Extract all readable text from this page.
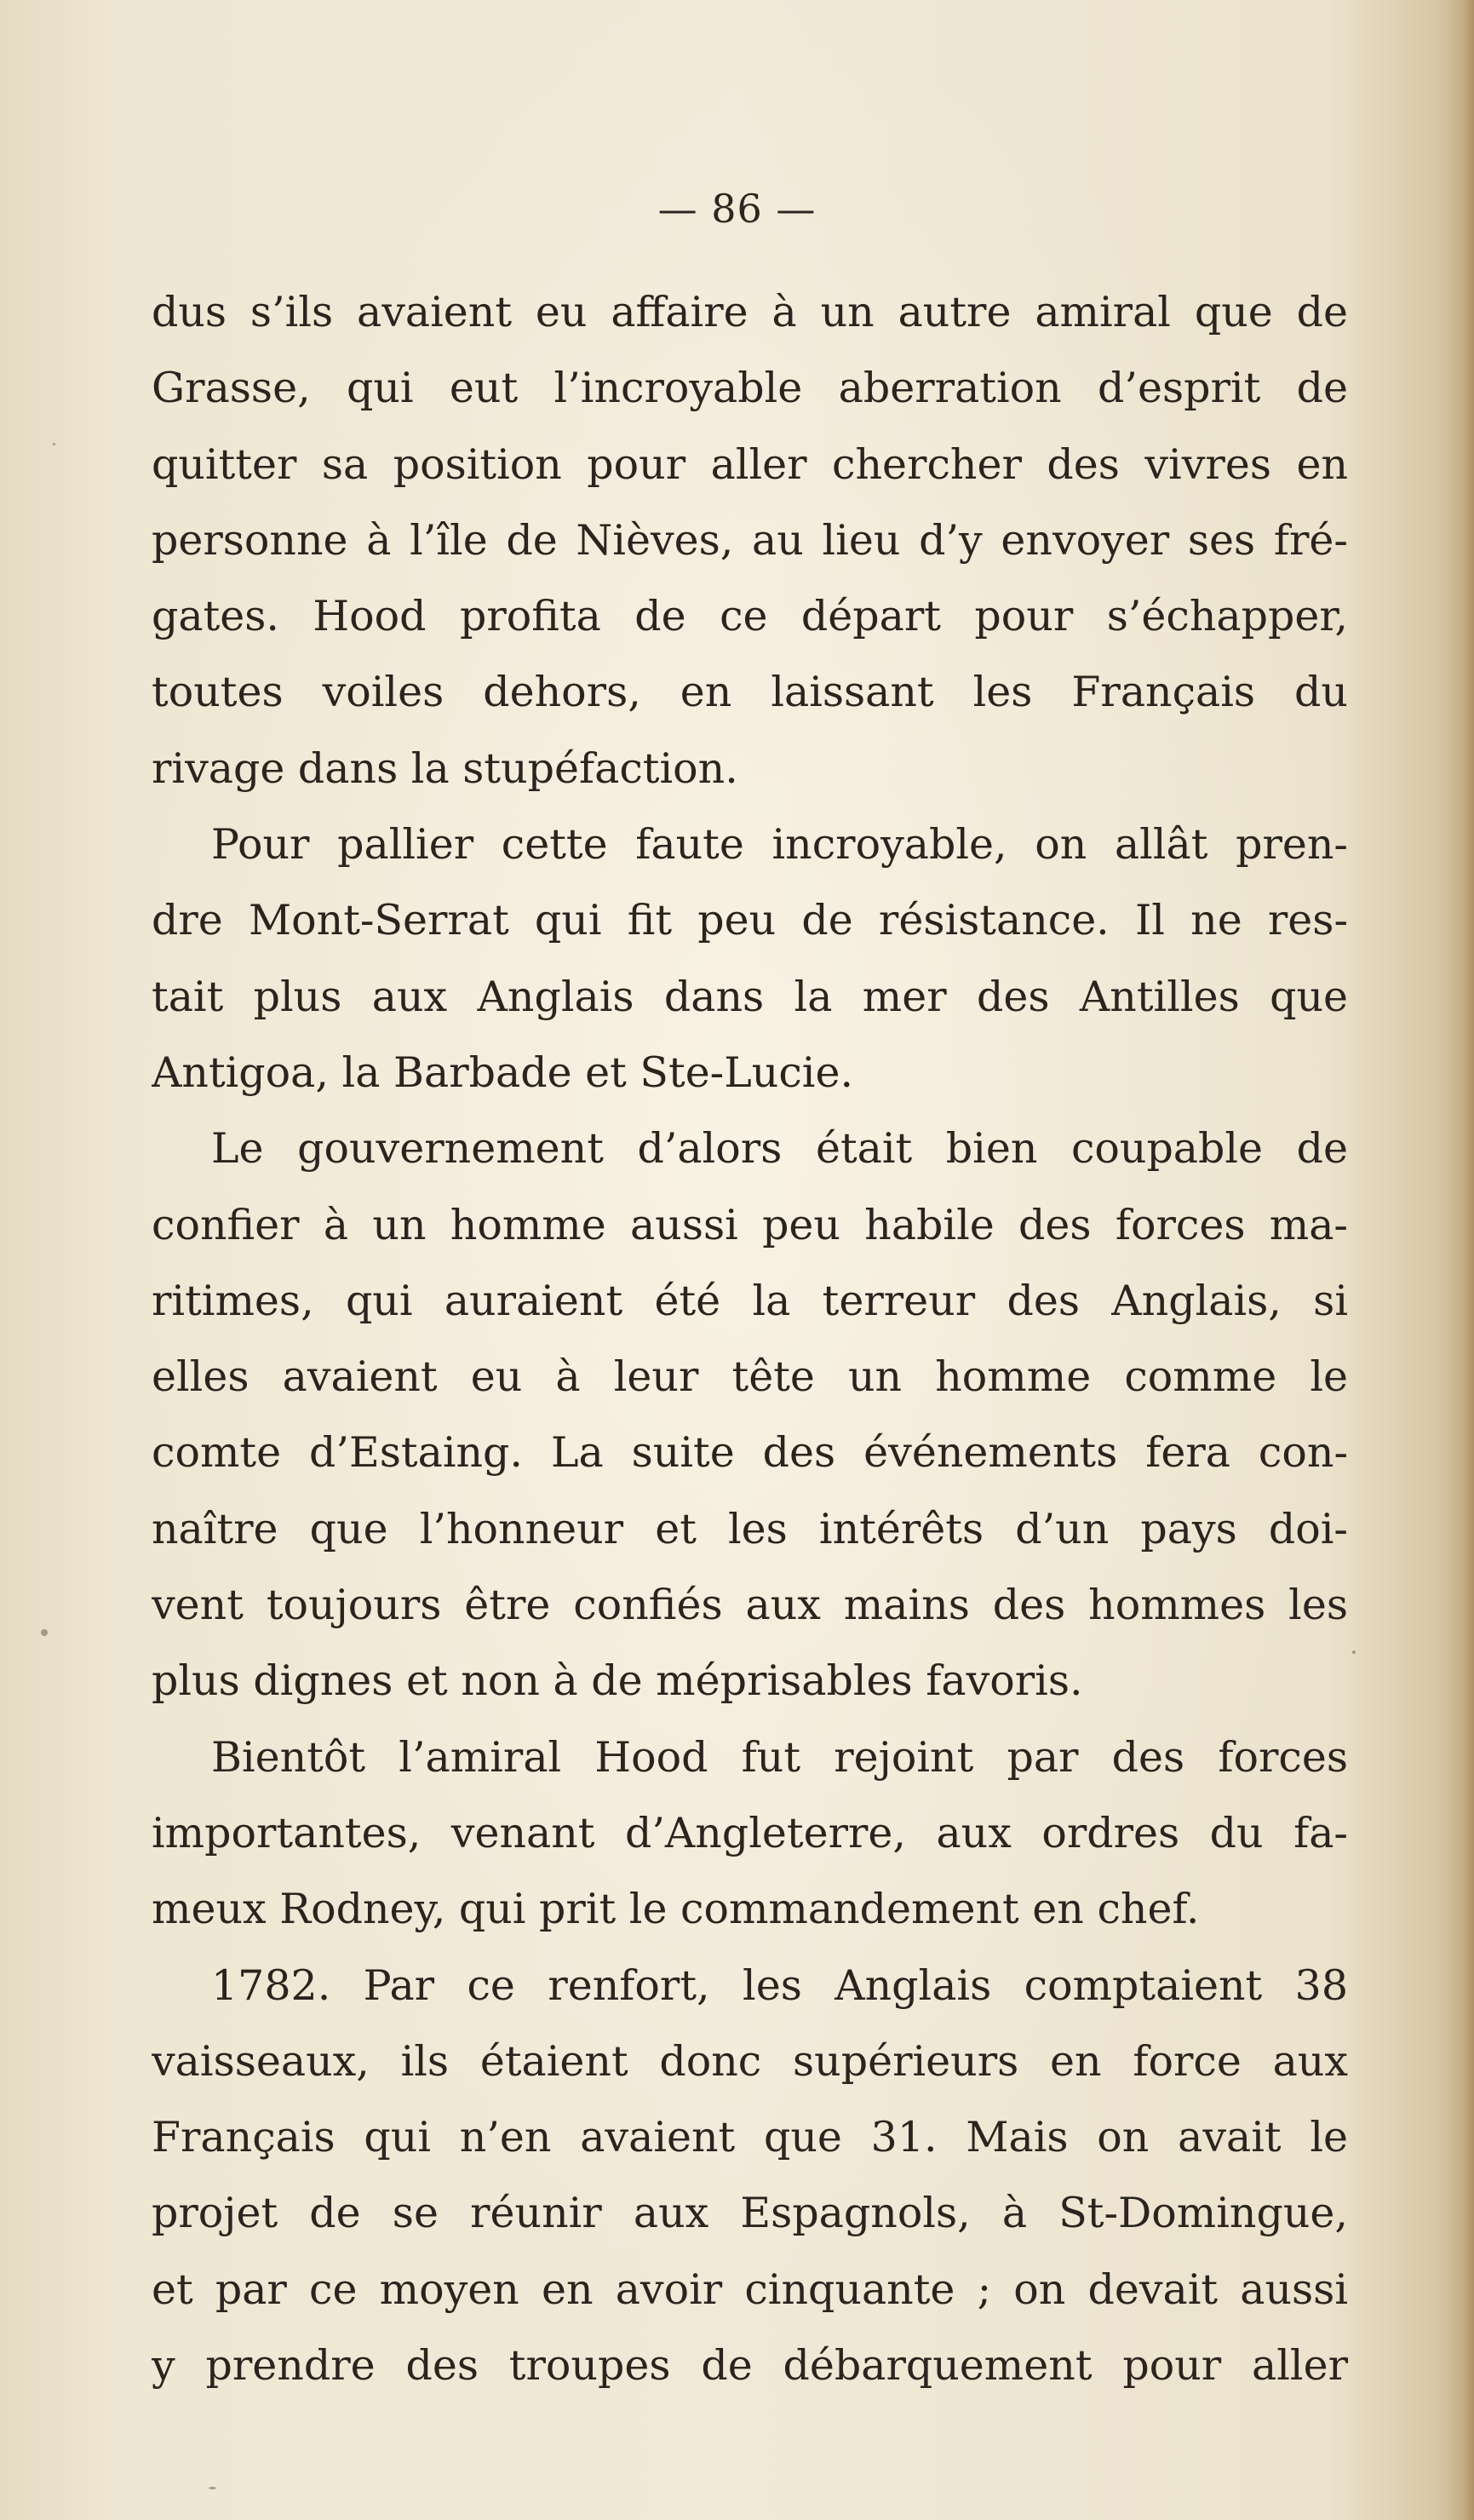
— 86 —
dus s’ils avaient eu affaire à un autre amiral que de
Grasse, qui eut l’incroyable aberration d’esprit de
quitter sa position pour aller chercher des vivres en
personne à l’île de Nièves, au lieu d’y envoyer ses fré-
gates. Hood profita de ce départ pour s’échapper,
toutes voiles dehors, en laissant les Français du
rivage dans la stupéfaction.
Pour pallier cette faute incroyable, on allât pren-
dre Mont-Serrat qui fit peu de résistance. Il ne res-
tait plus aux Anglais dans la mer des Antilles que
Antigoa, la Barbade et Ste-Lucie.
Le gouvernement d’alors était bien coupable de
confier à un homme aussi peu habile des forces ma-
ritimes, qui auraient été la terreur des Anglais, si
elles avaient eu à leur tête un homme comme le
comte d’Estaing. La suite des événements fera con-
naître que l’honneur et les intérêts d’un pays doi-
vent toujours être confiés aux mains des hommes les
plus dignes et non à de méprisables favoris.
Bientôt l’amiral Hood fut rejoint par des forces
importantes, venant d’Angleterre, aux ordres du fa-
meux Rodney, qui prit le commandement en chef.
1782. Par ce renfort, les Anglais comptaient 38
vaisseaux, ils étaient donc supérieurs en force aux
Français qui n’en avaient que 31. Mais on avait le
projet de se réunir aux Espagnols, à St-Domingue,
et par ce moyen en avoir cinquante ; on devait aussi
y prendre des troupes de débarquement pour aller
